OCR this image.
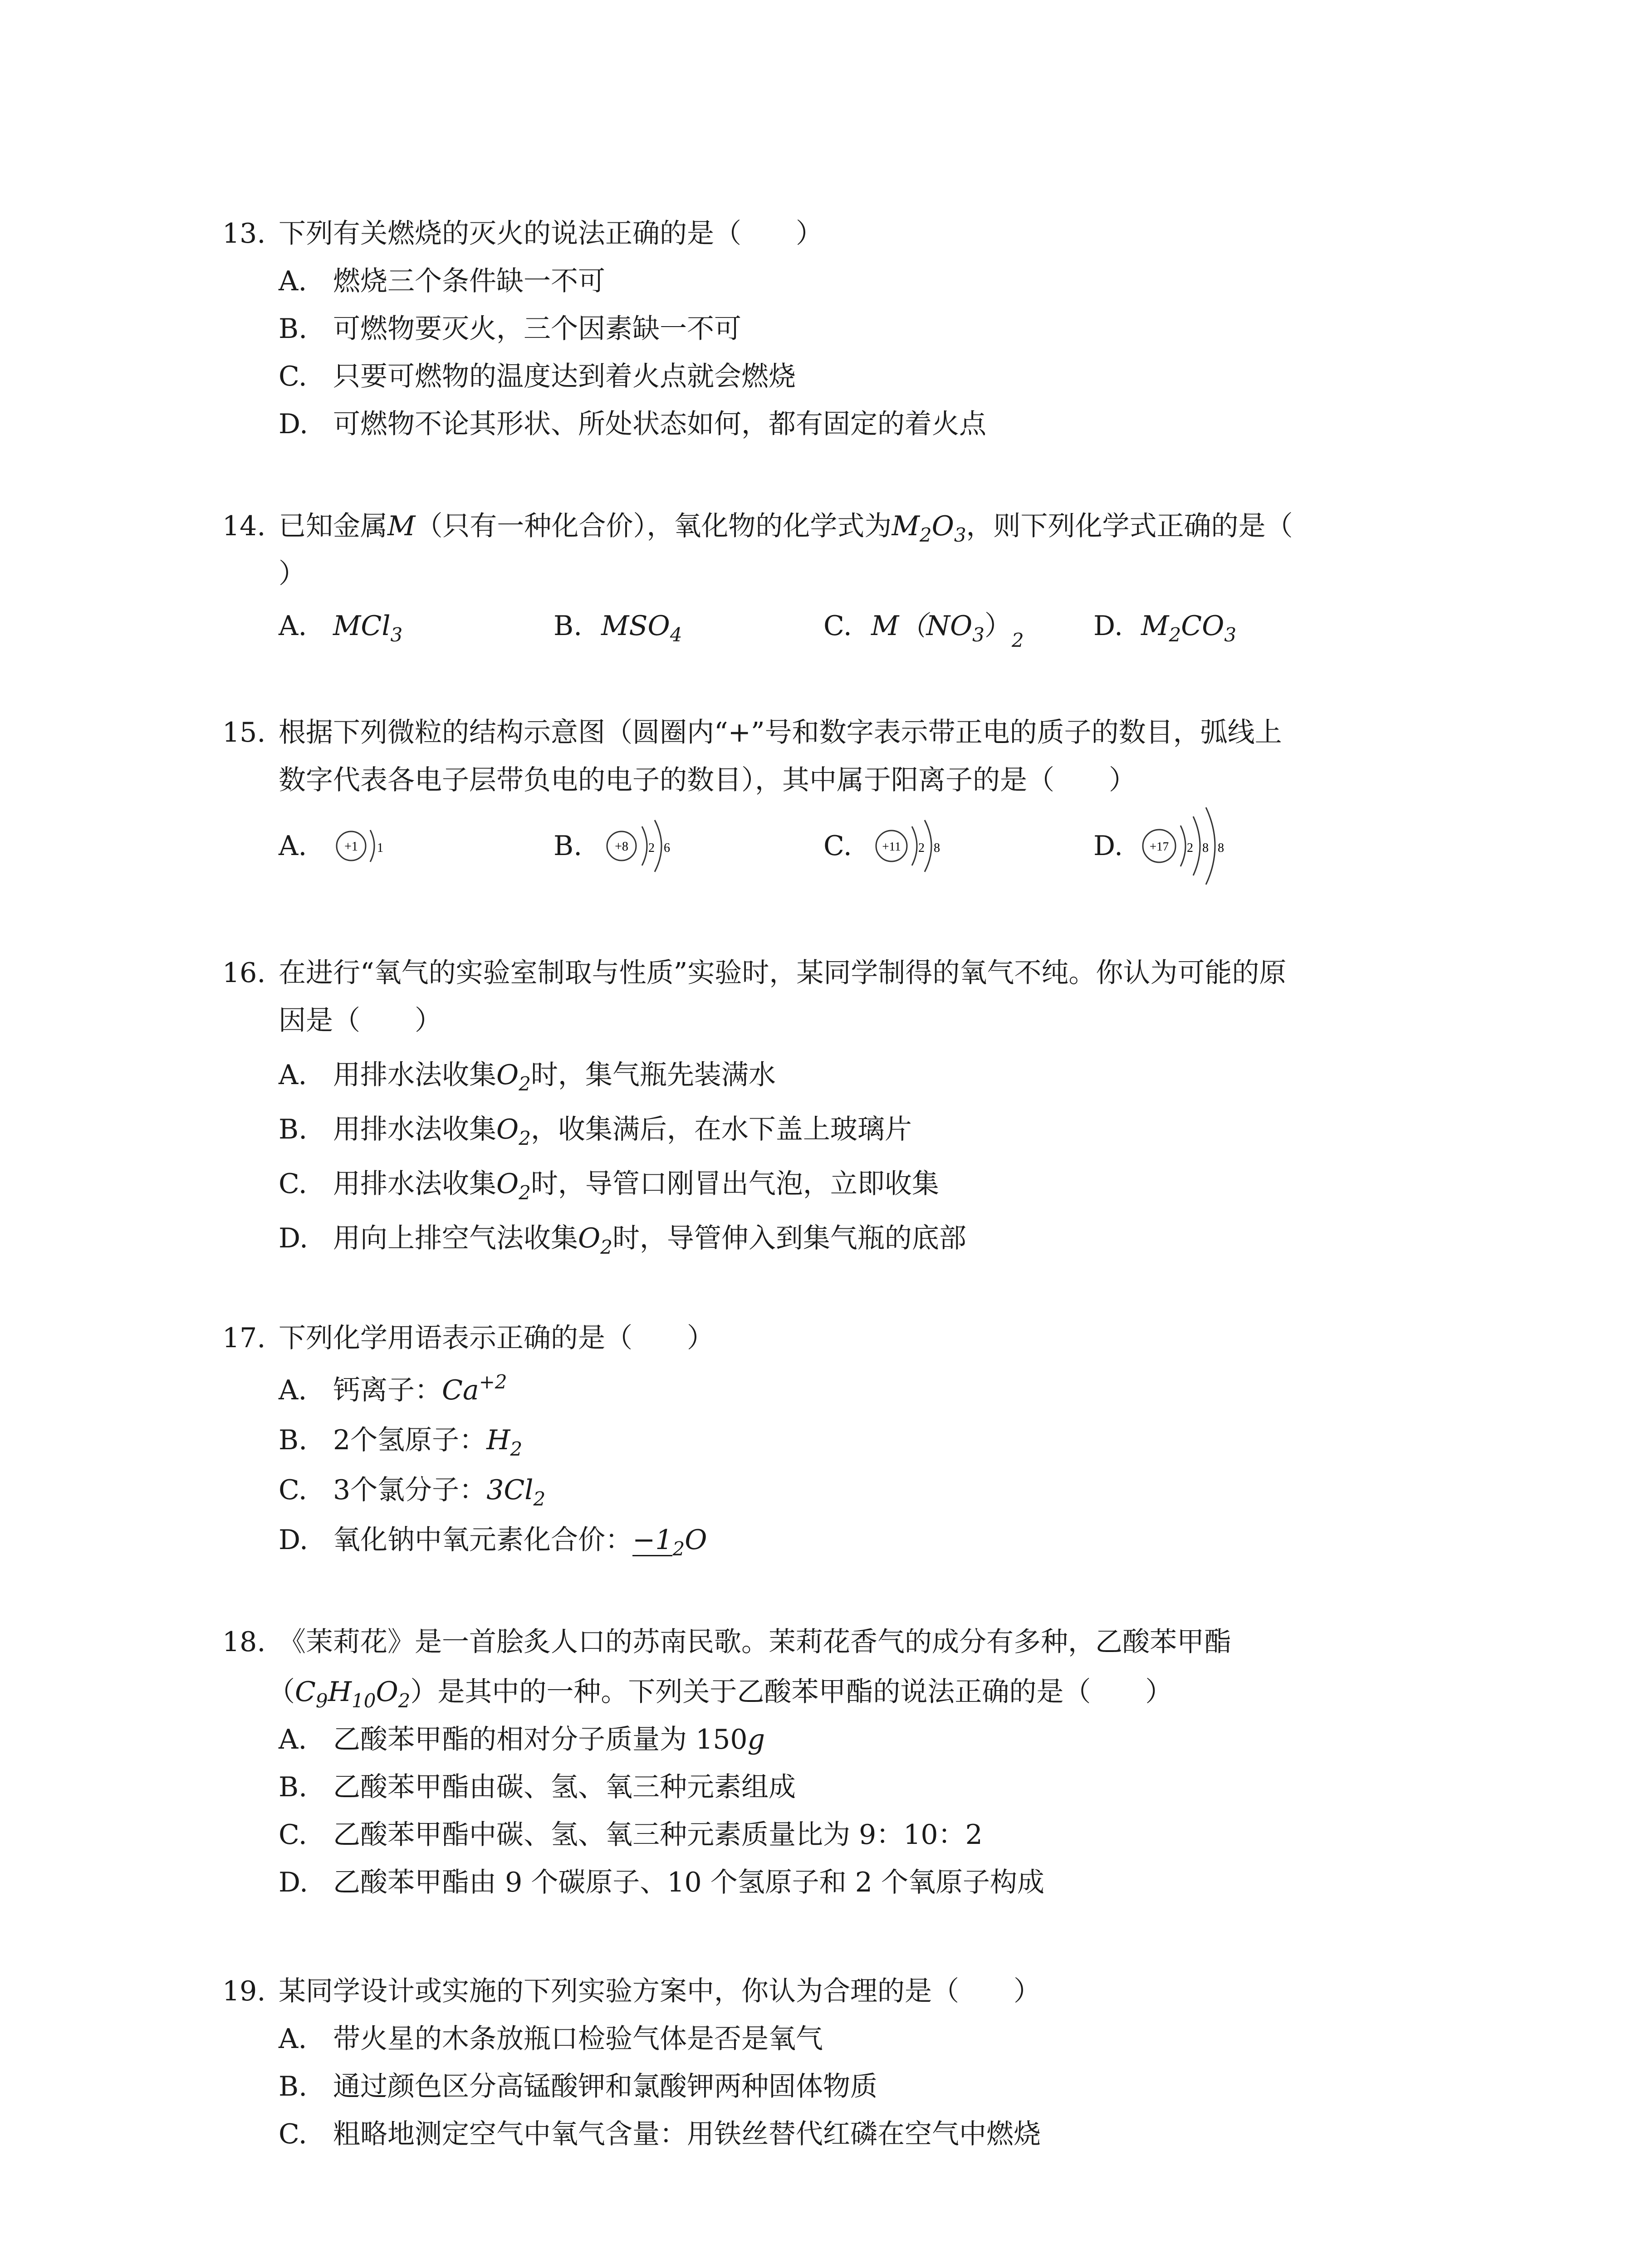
13. 下列有关燃烧的灭火的说法正确的是（　　）
A. 燃烧三个条件缺一不可
B. 可燃物要灭火，三个因素缺一不可
C. 只要可燃物的温度达到着火点就会燃烧
D. 可燃物不论其形状、所处状态如何，都有固定的着火点
14. 已知金属M（只有一种化合价），氧化物的化学式为$M_2O_3$，则下列化学式正确的是（
）
A. MCl$_3$	B. $MSO_4$	C. $M(NO_3)_2$	D. $M_2CO_3$
15. 根据下列微粒的结构示意图（圆圈内“+”号和数字表示带正电的质子的数目，弧线上
数字代表各电子层带负电的电子的数目），其中属于阳离子的是（　　）
A.	+1 1	B.	+8 2 6	C. +11 2 8	D. +17 2 8 8
16. 在进行“氧气的实验室制取与性质”实验时，某同学制得的氧气不纯。你认为可能的原
因是（　　）
A. 用排水法收集$O_2$时，集气瓶先装满水
B. 用排水法收集$O_2$，收集满后，在水下盖上玻璃片
C. 用排水法收集$O_2$时，导管口刚冒出气泡，立即收集
D. 用向上排空气法收集$O_2$时，导管伸入到集气瓶的底部
17. 下列化学用语表示正确的是（　　）
A. 钙离子：$Ca^{+2}$
B. 2个氢原子：$H_2$
C. 3个氯分子：$3Cl_2$
D. 氧化钠中氧元素化合价：−1
$_2$O
18. 《茉莉花》是一首脍炙人口的苏南民歌。茉莉花香气的成分有多种，乙酸苯甲酯
$(C_9H_{10}O_2)$是其中的一种。下列关于乙酸苯甲酯的说法正确的是（　　）
A. 乙酸苯甲酯的相对分子质量为 150g
B. 乙酸苯甲酯由碳、氢、氧三种元素组成
C. 乙酸苯甲酯中碳、氢、氧三种元素质量比为 9：10：2
D. 乙酸苯甲酯由 9 个碳原子、10 个氢原子和 2 个氧原子构成
19. 某同学设计或实施的下列实验方案中，你认为合理的是（　　）
A. 带火星的木条放瓶口检验气体是否是氧气
B. 通过颜色区分高锰酸钾和氯酸钾两种固体物质
C. 粗略地测定空气中氧气含量：用铁丝替代红磷在空气中燃烧
